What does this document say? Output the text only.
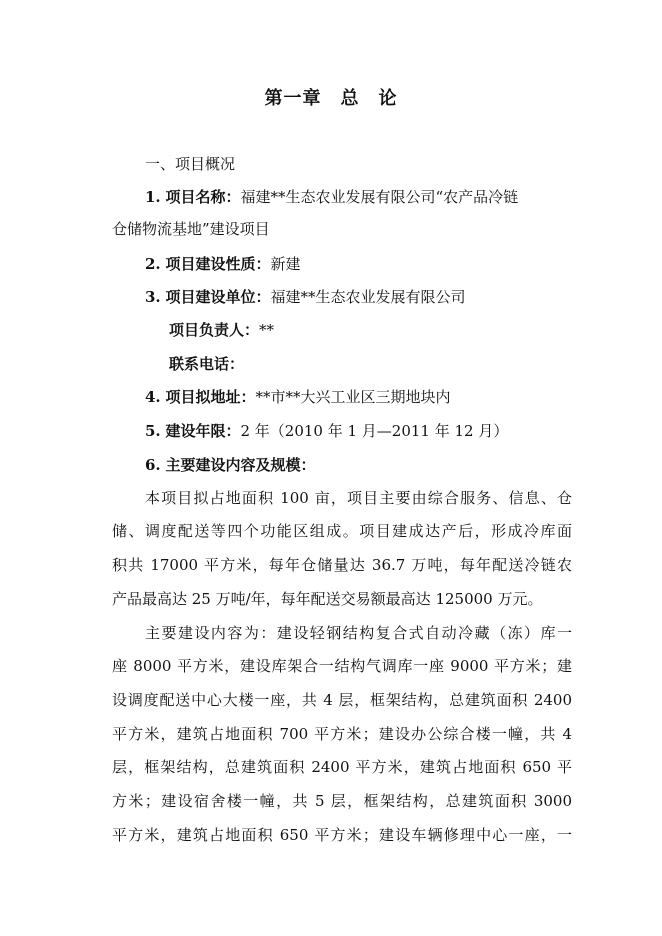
第一章　总　论
一、项目概况
1. 项目名称：福建**生态农业发展有限公司“农产品冷链
仓储物流基地”建设项目
2. 项目建设性质：新建
3. 项目建设单位：福建**生态农业发展有限公司
项目负责人：**
联系电话：
4. 项目拟地址：**市**大兴工业区三期地块内
5. 建设年限：2 年（2010 年 1 月—2011 年 12 月）
6. 主要建设内容及规模：
本项目拟占地面积 100 亩，项目主要由综合服务、信息、仓
储、调度配送等四个功能区组成。项目建成达产后，形成冷库面
积共 17000 平方米，每年仓储量达 36.7 万吨，每年配送冷链农
产品最高达 25 万吨/年，每年配送交易额最高达 125000 万元。
主要建设内容为：建设轻钢结构复合式自动冷藏（冻）库一
座 8000 平方米，建设库架合一结构气调库一座 9000 平方米；建
设调度配送中心大楼一座，共 4 层，框架结构，总建筑面积 2400
平方米，建筑占地面积 700 平方米；建设办公综合楼一幢，共 4
层，框架结构，总建筑面积 2400 平方米，建筑占地面积 650 平
方米；建设宿舍楼一幢，共 5 层，框架结构，总建筑面积 3000
平方米，建筑占地面积 650 平方米；建设车辆修理中心一座，一
